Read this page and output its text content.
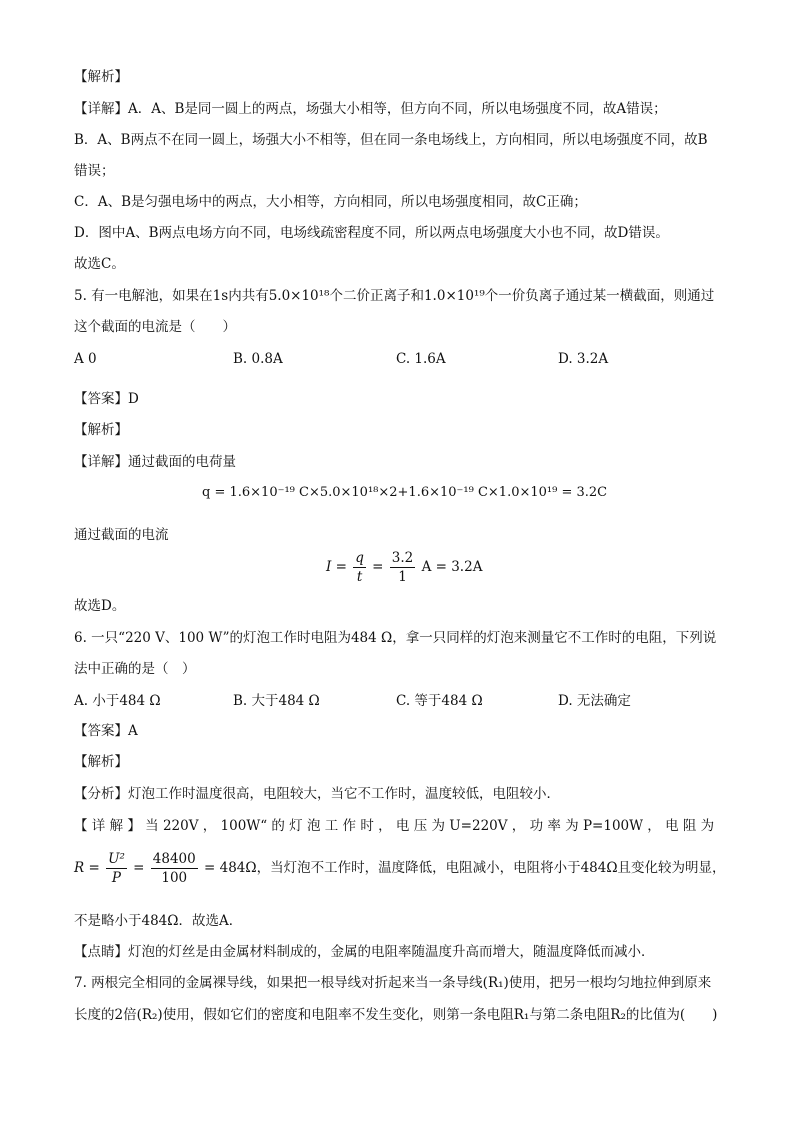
【解析】
【详解】A．A、B是同一圆上的两点，场强大小相等，但方向不同，所以电场强度不同，故A错误；
B．A、B两点不在同一圆上，场强大小不相等，但在同一条电场线上，方向相同，所以电场强度不同，故B
错误；
C．A、B是匀强电场中的两点，大小相等，方向相同，所以电场强度相同，故C正确；
D．图中A、B两点电场方向不同，电场线疏密程度不同，所以两点电场强度大小也不同，故D错误。
故选C。
5. 有一电解池，如果在1s内共有5.0×10¹⁸个二价正离子和1.0×10¹⁹个一价负离子通过某一横截面，则通过
这个截面的电流是（　　）
A 0	B. 0.8A	C. 1.6A	D. 3.2A
【答案】D
【解析】
【详解】通过截面的电荷量
q = 1.6×10⁻¹⁹ C×5.0×10¹⁸×2+1.6×10⁻¹⁹ C×1.0×10¹⁹ = 3.2C
通过截面的电流
$I = \frac{q}{t} = \frac{3.2}{1}$ A = 3.2A
故选D。
6. 一只“220 V、100 W”的灯泡工作时电阻为484 Ω，拿一只同样的灯泡来测量它不工作时的电阻，下列说
法中正确的是（　）
A. 小于484 Ω	B. 大于484 Ω	C. 等于484 Ω	D. 无法确定
【答案】A
【解析】
【分析】灯泡工作时温度很高，电阻较大，当它不工作时，温度较低，电阻较小．
【 详 解 】 当 220V ， 100W“ 的 灯 泡 工 作 时 ， 电 压 为 U=220V ， 功 率 为 P=100W ， 电 阻 为
$R = \frac{\text{U²}}{P} = \frac{48400}{100} = 484\Omega$，当灯泡不工作时，温度降低，电阻减小，电阻将小于484Ω且变化较为明显，
不是略小于484Ω．故选A．
【点睛】灯泡的灯丝是由金属材料制成的，金属的电阻率随温度升高而增大，随温度降低而减小．
7. 两根完全相同的金属裸导线，如果把一根导线对折起来当一条导线(R₁)使用，把另一根均匀地拉伸到原来
长度的2倍(R₂)使用，假如它们的密度和电阻率不发生变化，则第一条电阻R₁与第二条电阻R₂的比值为(　　)
